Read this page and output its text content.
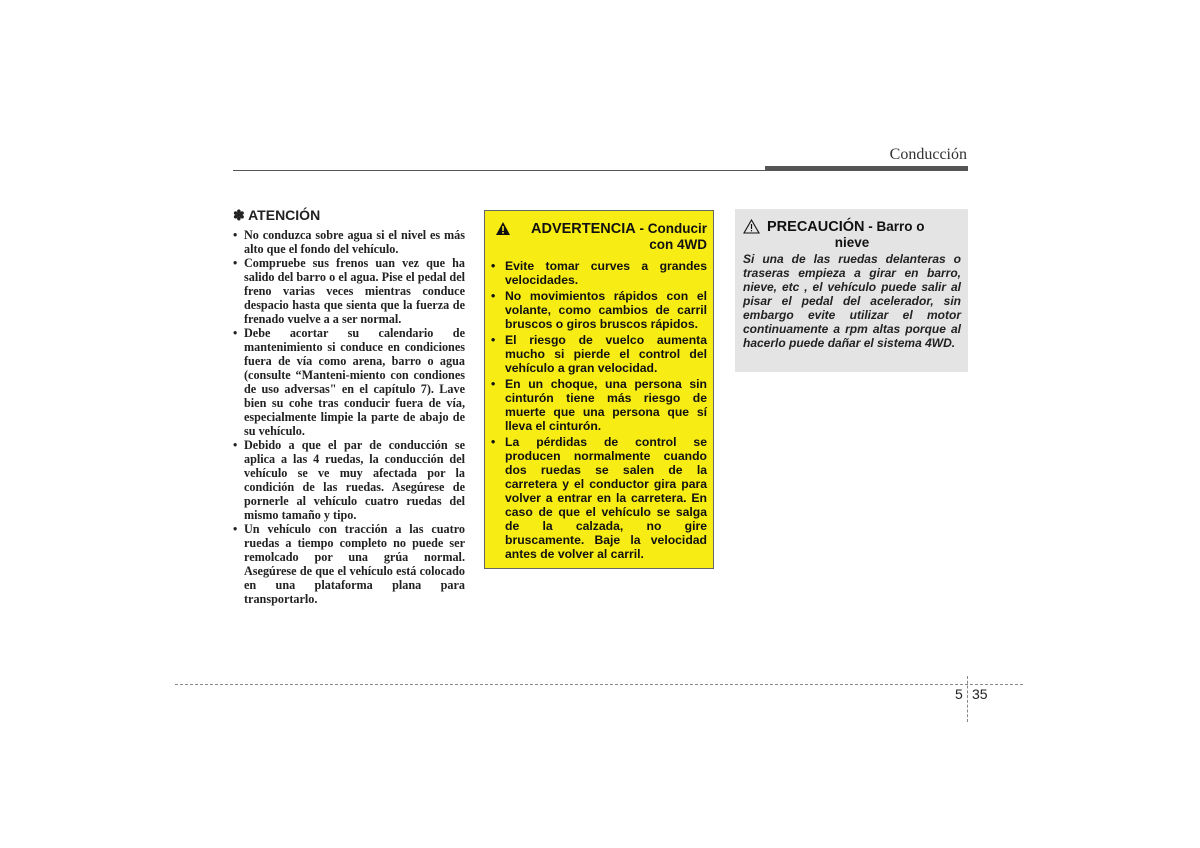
Conducción
✽ ATENCIÓN
• No conduzca sobre agua si el nivel es más alto que el fondo del vehículo.
• Compruebe sus frenos uan vez que ha salido del barro o el agua. Pise el pedal del freno varias veces mientras conduce despacio hasta que sienta que la fuerza de frenado vuelve a a ser normal.
• Debe acortar su calendario de mantenimiento si conduce en condiciones fuera de vía como arena, barro o agua (consulte “Manteni-miento con condiones de uso adversas" en el capítulo 7). Lave bien su cohe tras conducir fuera de vía, especialmente limpie la parte de abajo de su vehículo.
• Debido a que el par de conducción se aplica a las 4 ruedas, la conducción del vehículo se ve muy afectada por la condición de las ruedas. Asegúrese de pornerle al vehículo cuatro ruedas del mismo tamaño y tipo.
• Un vehículo con tracción a las cuatro ruedas a tiempo completo no puede ser remolcado por una grúa normal. Asegúrese de que el vehículo está colocado en una plataforma plana para transportarlo.
ADVERTENCIA - Conducir
con 4WD
• Evite tomar curves a grandes velocidades.
• No movimientos rápidos con el volante, como cambios de carril bruscos o giros bruscos rápidos.
• El riesgo de vuelco aumenta mucho si pierde el control del vehículo a gran velocidad.
• En un choque, una persona sin cinturón tiene más riesgo de muerte que una persona que sí lleva el cinturón.
• La pérdidas de control se producen normalmente cuando dos ruedas se salen de la carretera y el conductor gira para volver a entrar en la carretera. En caso de que el vehículo se salga de la calzada, no gire bruscamente. Baje la velocidad antes de volver al carril.
PRECAUCIÓN - Barro o
nieve

Si una de las ruedas delanteras o traseras empieza a girar en barro, nieve, etc , el vehículo puede salir al pisar el pedal del acelerador, sin embargo evite utilizar el motor continuamente a rpm altas porque al hacerlo puede dañar el sistema 4WD.

5 35
